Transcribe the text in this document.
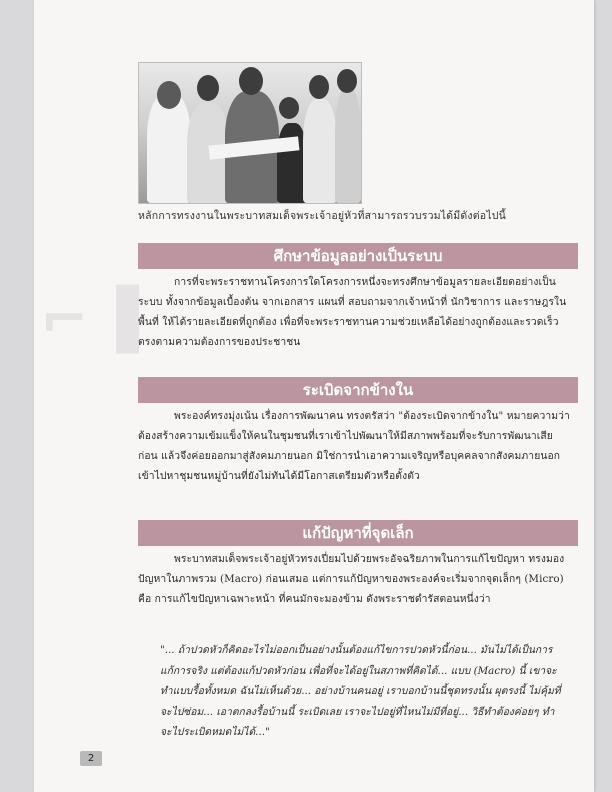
⌐ ▌
หลักการทรงงานในพระบาทสมเด็จพระเจ้าอยู่หัวที่สามารถรวบรวมได้มีดังต่อไปนี้
ศึกษาข้อมูลอย่างเป็นระบบ
การที่จะพระราชทานโครงการใดโครงการหนึ่งจะทรงศึกษาข้อมูลรายละเอียดอย่างเป็นระบบ ทั้งจากข้อมูลเบื้องต้น จากเอกสาร แผนที่ สอบถามจากเจ้าหน้าที่ นักวิชาการ และราษฎรในพื้นที่ ให้ได้รายละเอียดที่ถูกต้อง เพื่อที่จะพระราชทานความช่วยเหลือได้อย่างถูกต้องและรวดเร็ว ตรงตามความต้องการของประชาชน
ระเบิดจากข้างใน
พระองค์ทรงมุ่งเน้น เรื่องการพัฒนาคน ทรงตรัสว่า "ต้องระเบิดจากข้างใน" หมายความว่า ต้องสร้างความเข้มแข็งให้คนในชุมชนที่เราเข้าไปพัฒนาให้มีสภาพพร้อมที่จะรับการพัฒนาเสียก่อน แล้วจึงค่อยออกมาสู่สังคมภายนอก มิใช่การนำเอาความเจริญหรือบุคคลจากสังคมภายนอกเข้าไปหาชุมชนหมู่บ้านที่ยังไม่ทันได้มีโอกาสเตรียมตัวหรือตั้งตัว
แก้ปัญหาที่จุดเล็ก
พระบาทสมเด็จพระเจ้าอยู่หัวทรงเปี่ยมไปด้วยพระอัจฉริยภาพในการแก้ไขปัญหา ทรงมองปัญหาในภาพรวม (Macro) ก่อนเสมอ แต่การแก้ปัญหาของพระองค์จะเริ่มจากจุดเล็กๆ (Micro) คือ การแก้ไขปัญหาเฉพาะหน้า ที่คนมักจะมองข้าม ดังพระราชดำรัสตอนหนึ่งว่า
"... ถ้าปวดหัวก็คิดอะไรไม่ออกเป็นอย่างนั้นต้องแก้ไขการปวดหัวนี้ก่อน... มันไม่ได้เป็นการแก้การจริง แต่ต้องแก้ปวดหัวก่อน เพื่อที่จะได้อยู่ในสภาพที่คิดได้... แบบ (Macro) นี้ เขาจะทำแบบรื้อทั้งหมด ฉันไม่เห็นด้วย... อย่างบ้านคนอยู่ เราบอกบ้านนี้ชุดทรงนั้น ผุตรงนี้ ไม่คุ้มที่จะไปซ่อม... เอาตกลงรื้อบ้านนี้ ระเบิดเลย เราจะไปอยู่ที่ไหนไม่มีที่อยู่... วิธีทำต้องค่อยๆ ทำ จะไประเบิดหมดไม่ได้..."
2
